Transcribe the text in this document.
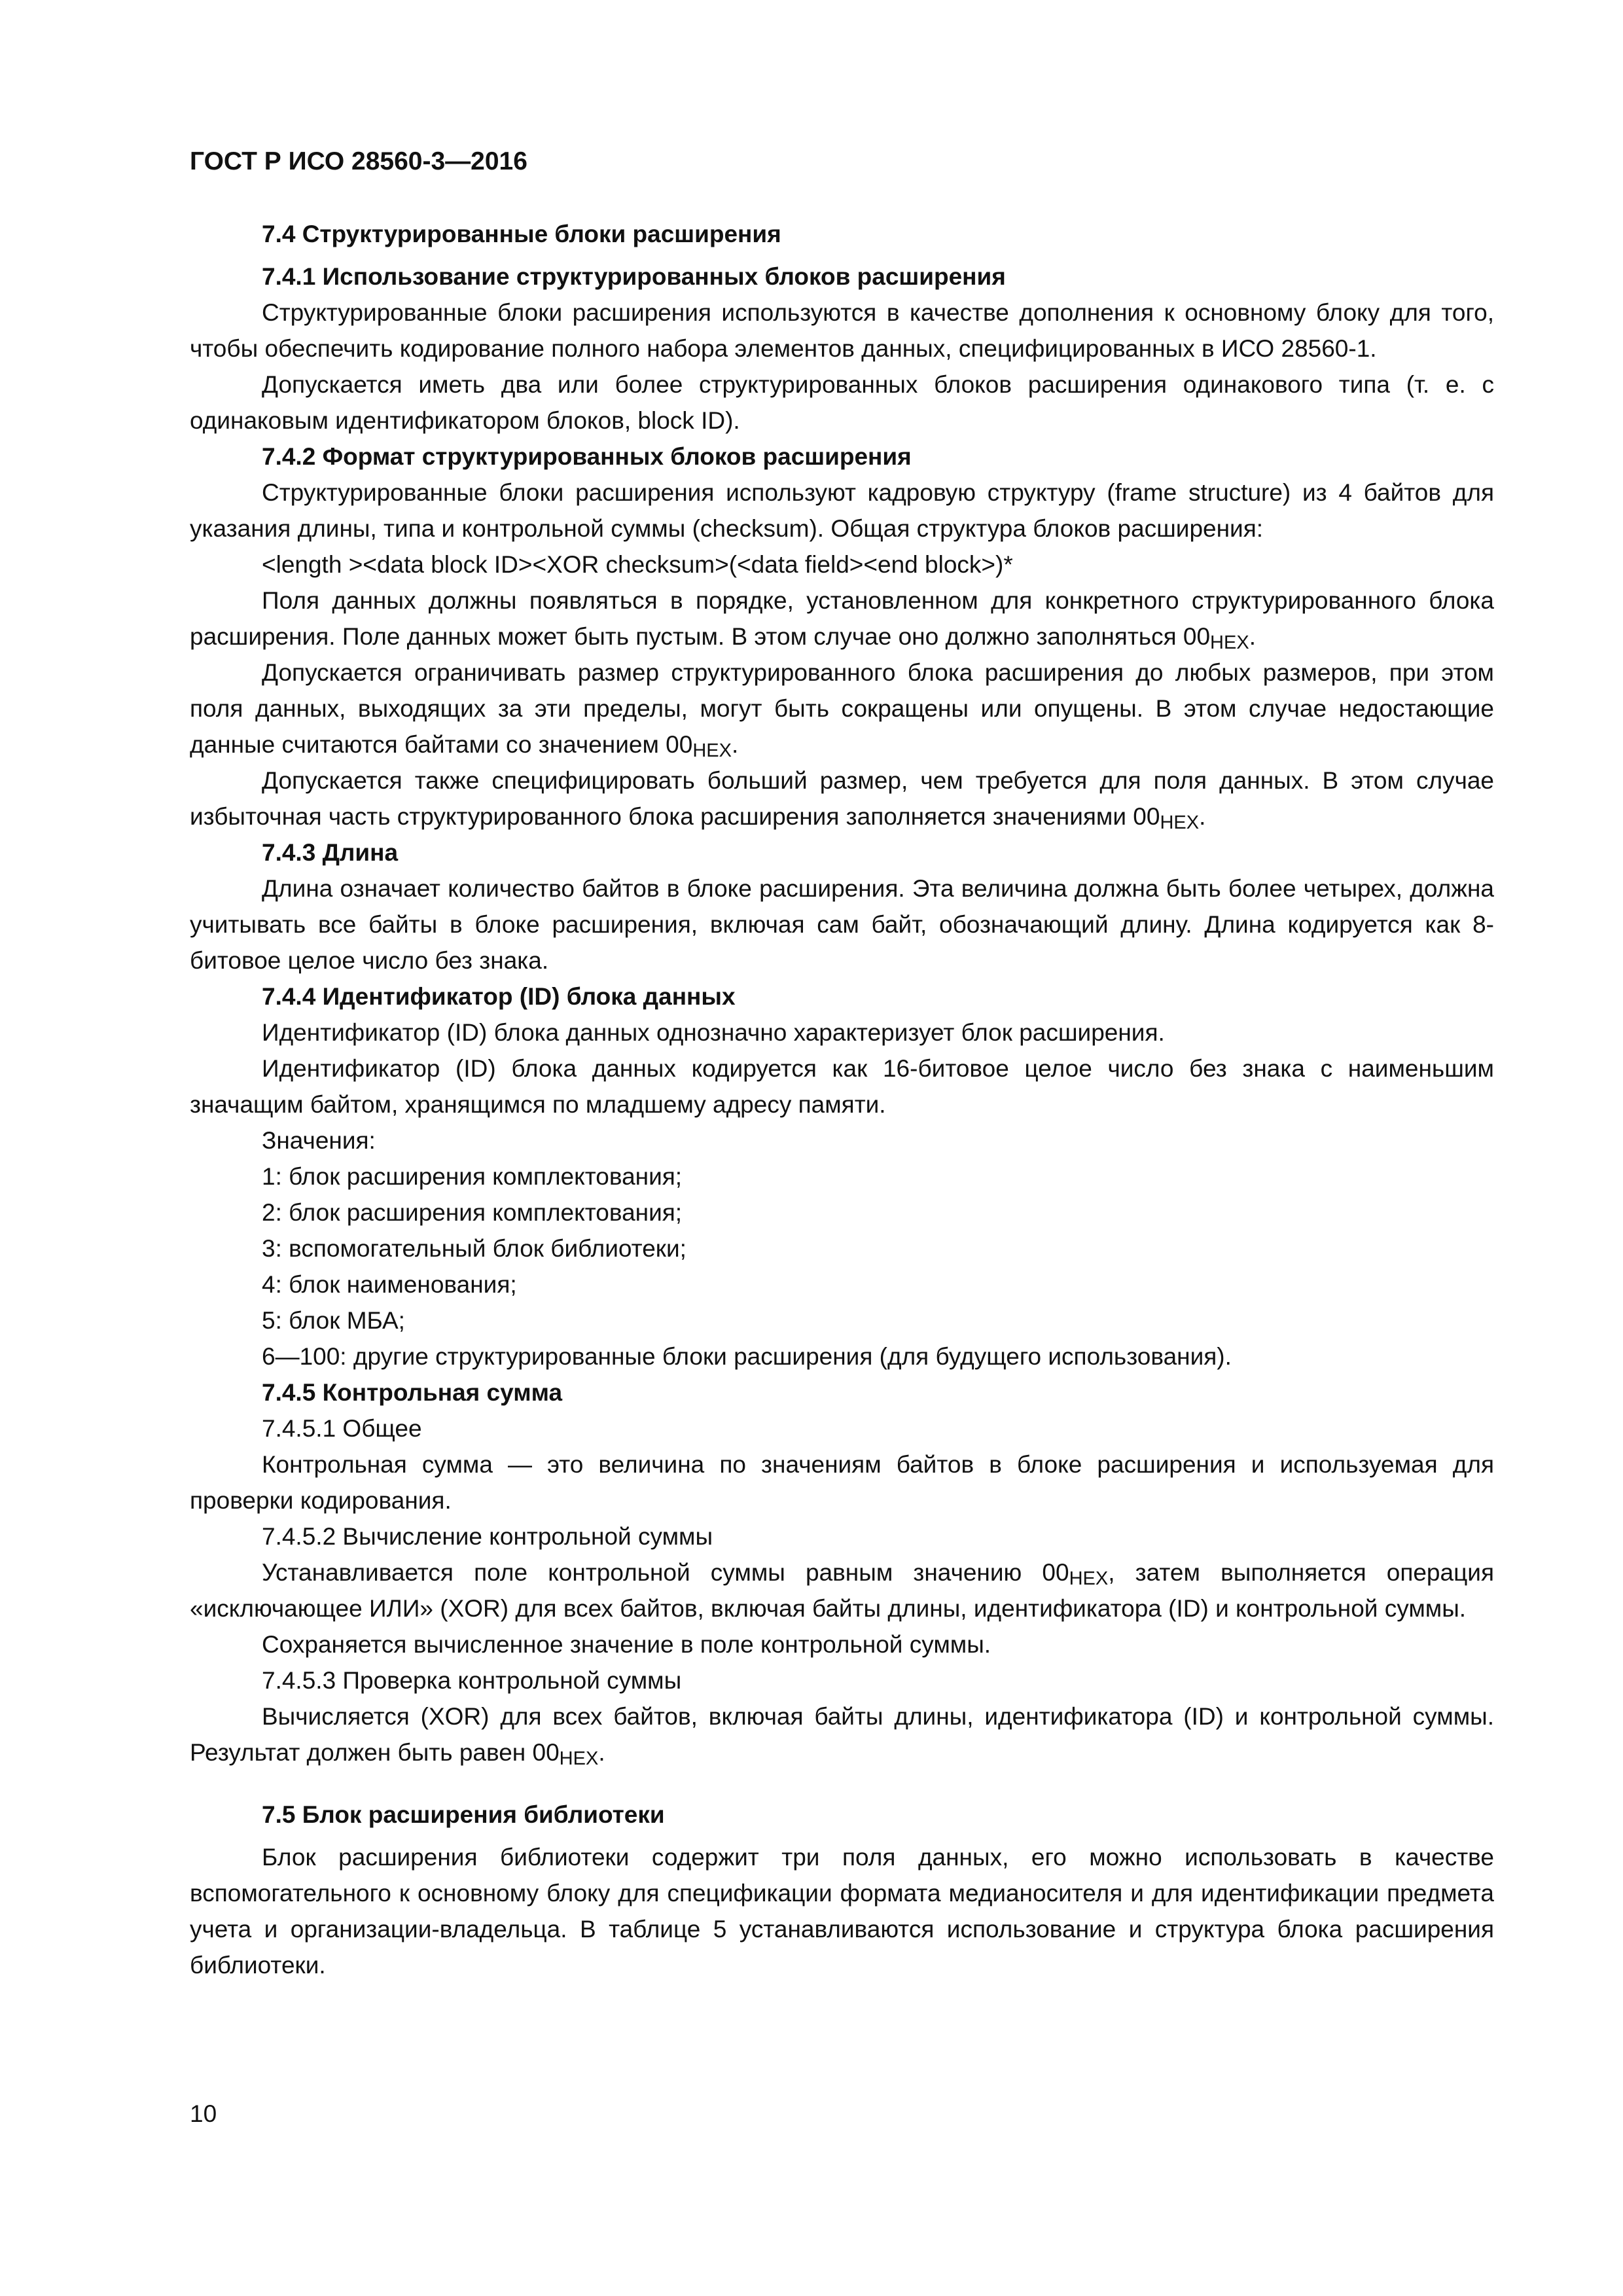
ГОСТ Р ИСО 28560-3—2016

7.4 Структурированные блоки расширения

7.4.1 Использование структурированных блоков расширения

Структурированные блоки расширения используются в качестве дополнения к основному блоку для того, чтобы обеспечить кодирование полного набора элементов данных, специфицированных в ИСО 28560-1.

Допускается иметь два или более структурированных блоков расширения одинакового типа (т. е. с одинаковым идентификатором блоков, block ID).

7.4.2 Формат структурированных блоков расширения

Структурированные блоки расширения используют кадровую структуру (frame structure) из 4 байтов для указания длины, типа и контрольной суммы (checksum). Общая структура блоков расширения:

<length ><data block ID><XOR checksum>(<data field><end block>)*

Поля данных должны появляться в порядке, установленном для конкретного структурированного блока расширения. Поле данных может быть пустым. В этом случае оно должно заполняться $00_{HEX}$.

Допускается ограничивать размер структурированного блока расширения до любых размеров, при этом поля данных, выходящих за эти пределы, могут быть сокращены или опущены. В этом случае недостающие данные считаются байтами со значением $00_{HEX}$.

Допускается также специфицировать больший размер, чем требуется для поля данных. В этом случае избыточная часть структурированного блока расширения заполняется значениями $00_{HEX}$.

7.4.3 Длина

Длина означает количество байтов в блоке расширения. Эта величина должна быть более четырех, должна учитывать все байты в блоке расширения, включая сам байт, обозначающий длину. Длина кодируется как 8-битовое целое число без знака.

7.4.4 Идентификатор (ID) блока данных

Идентификатор (ID) блока данных однозначно характеризует блок расширения.

Идентификатор (ID) блока данных кодируется как 16-битовое целое число без знака с наименьшим значащим байтом, хранящимся по младшему адресу памяти.

Значения:

1: блок расширения комплектования;

2: блок расширения комплектования;

3: вспомогательный блок библиотеки;

4: блок наименования;

5: блок МБА;

6—100: другие структурированные блоки расширения (для будущего использования).

7.4.5 Контрольная сумма

7.4.5.1 Общее

Контрольная сумма — это величина по значениям байтов в блоке расширения и используемая для проверки кодирования.

7.4.5.2 Вычисление контрольной суммы

Устанавливается поле контрольной суммы равным значению $00_{HEX}$, затем выполняется операция «исключающее ИЛИ» (XOR) для всех байтов, включая байты длины, идентификатора (ID) и контрольной суммы.

Сохраняется вычисленное значение в поле контрольной суммы.

7.4.5.3 Проверка контрольной суммы

Вычисляется (XOR) для всех байтов, включая байты длины, идентификатора (ID) и контрольной суммы. Результат должен быть равен $00_{HEX}$.

7.5 Блок расширения библиотеки

Блок расширения библиотеки содержит три поля данных, его можно использовать в качестве вспомогательного к основному блоку для спецификации формата медианосителя и для идентификации предмета учета и организации-владельца. В таблице 5 устанавливаются использование и структура блока расширения библиотеки.

10
